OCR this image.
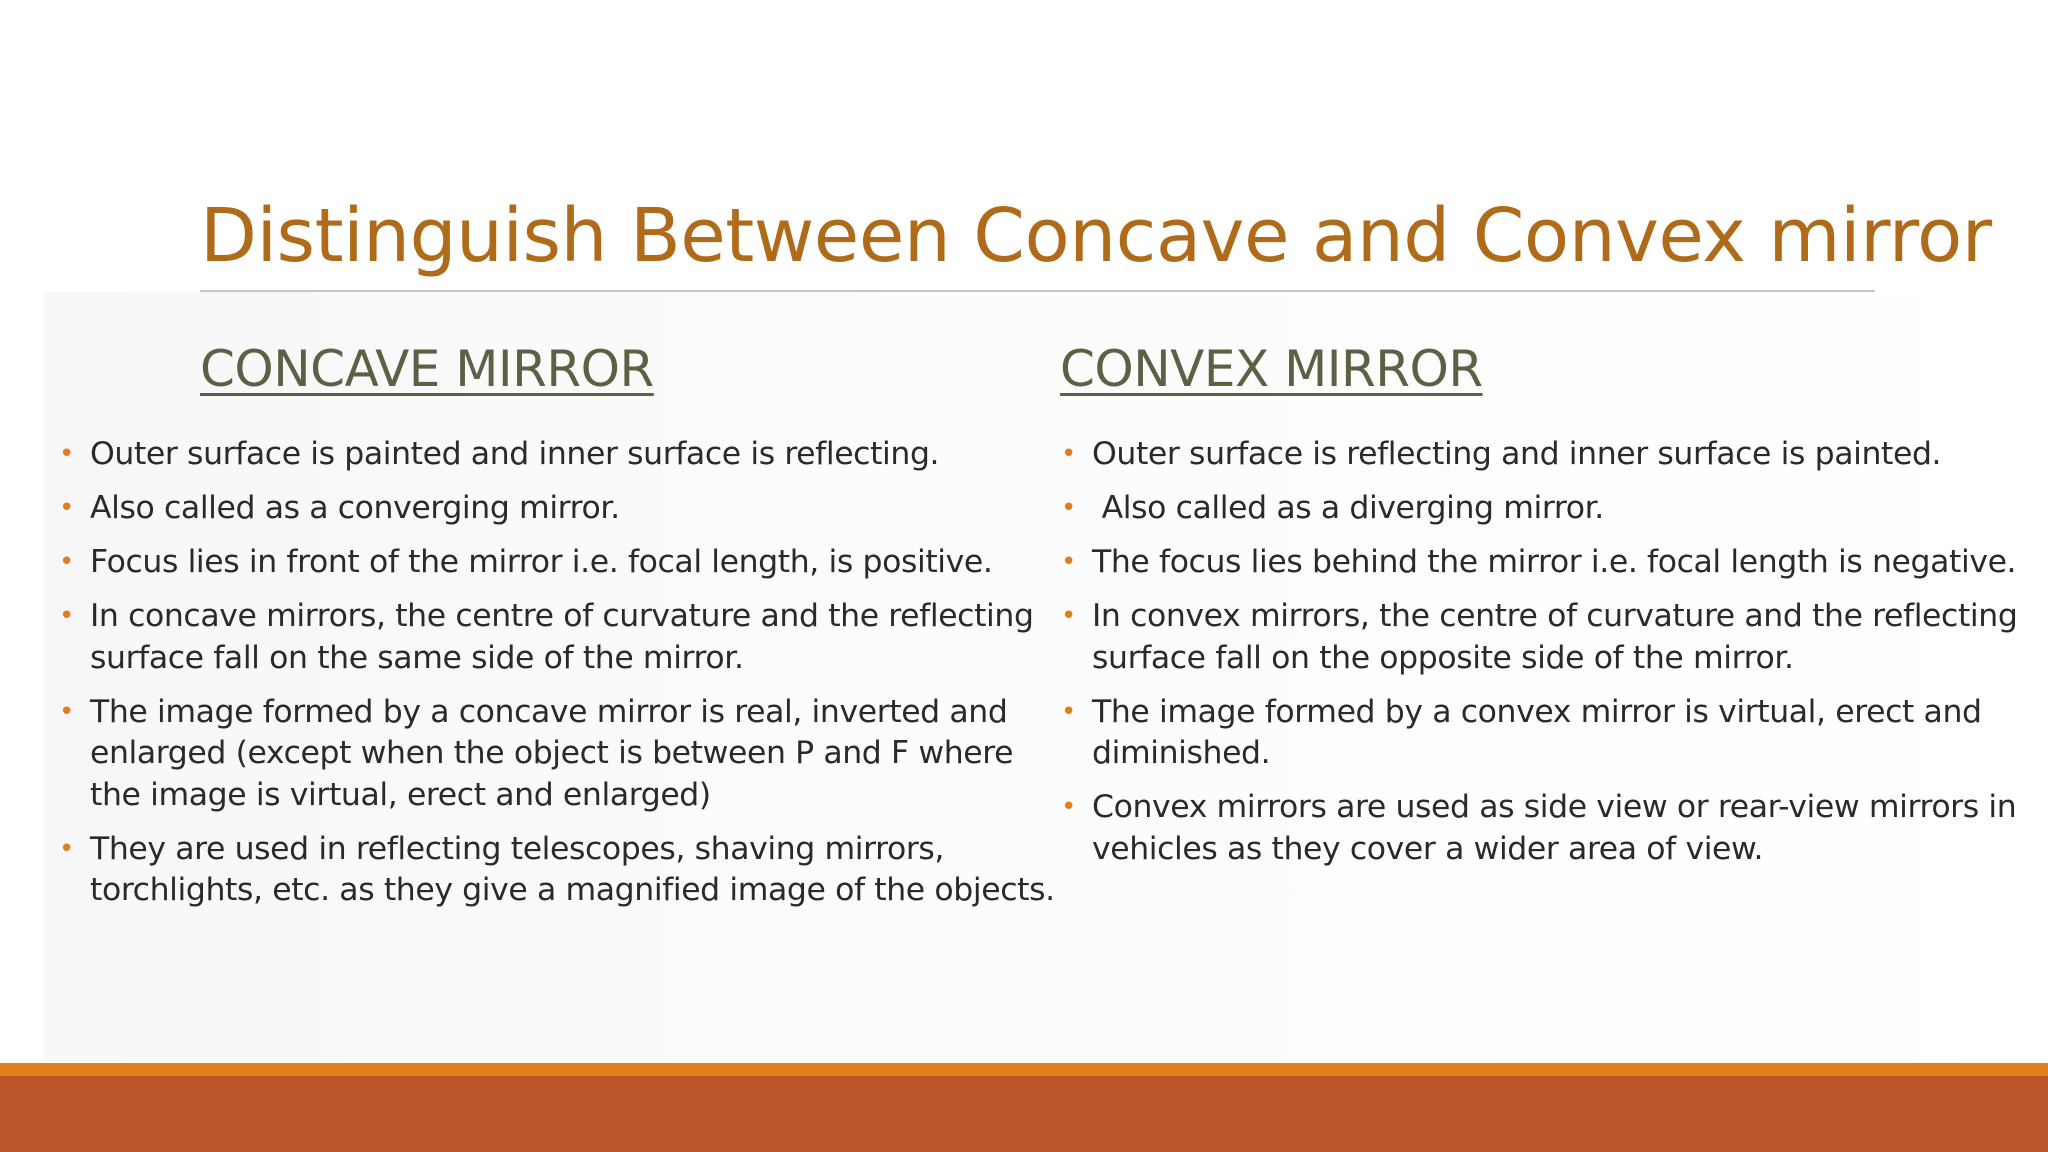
Distinguish Between Concave and Convex mirror
CONCAVE MIRROR	CONVEX MIRROR
• Outer surface is painted and inner surface is reflecting.
• Also called as a converging mirror.
• Focus lies in front of the mirror i.e. focal length, is positive.
• In concave mirrors, the centre of curvature and the reflecting surface fall on the same side of the mirror.
• The image formed by a concave mirror is real, inverted and enlarged (except when the object is between P and F where the image is virtual, erect and enlarged)
• They are used in reflecting telescopes, shaving mirrors, torchlights, etc. as they give a magnified image of the objects.
• Outer surface is reflecting and inner surface is painted.
• Also called as a diverging mirror.
• The focus lies behind the mirror i.e. focal length is negative.
• In convex mirrors, the centre of curvature and the reflecting surface fall on the opposite side of the mirror.
• The image formed by a convex mirror is virtual, erect and diminished.
• Convex mirrors are used as side view or rear-view mirrors in vehicles as they cover a wider area of view.
